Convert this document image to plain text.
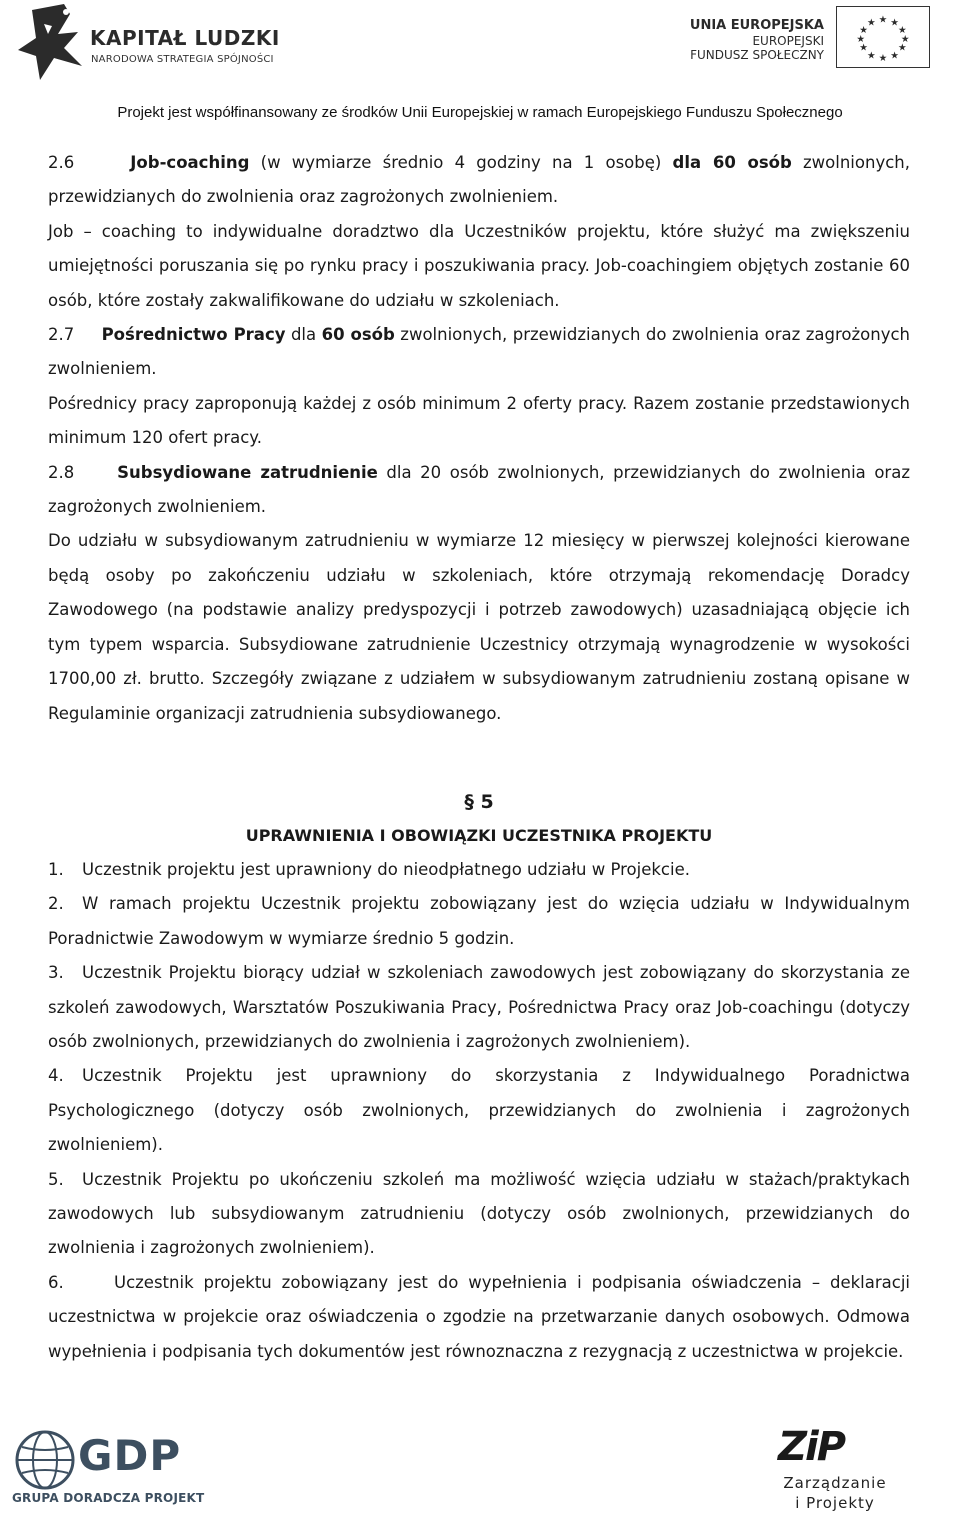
KAPITAŁ LUDZKI
NARODOWA STRATEGIA SPÓJNOŚCI
UNIA EUROPEJSKA
EUROPEJSKI
FUNDUSZ SPOŁECZNY
★ ★
★
★
★
★
★
★
★
★
★
★
Projekt jest współfinansowany ze środków Unii Europejskiej w ramach Europejskiego Funduszu Społecznego
2.6	Job-coaching (w wymiarze średnio 4 godziny na 1 osobę) dla 60 osób zwolnionych, przewidzianych do zwolnienia oraz zagrożonych zwolnieniem.
Job – coaching to indywidualne doradztwo dla Uczestników projektu, które służyć ma zwiększeniu umiejętności poruszania się po rynku pracy i poszukiwania pracy. Job-coachingiem objętych zostanie 60 osób, które zostały zakwalifikowane do udziału w szkoleniach.
2.7 Pośrednictwo Pracy dla 60 osób zwolnionych, przewidzianych do zwolnienia oraz zagrożonych zwolnieniem.
Pośrednicy pracy zaproponują każdej z osób minimum 2 oferty pracy. Razem zostanie przedstawionych minimum 120 ofert pracy.
2.8	Subsydiowane zatrudnienie dla 20 osób zwolnionych, przewidzianych do zwolnienia oraz zagrożonych zwolnieniem.
Do udziału w subsydiowanym zatrudnieniu w wymiarze 12 miesięcy w pierwszej kolejności kierowane będą osoby po zakończeniu udziału w szkoleniach, które otrzymają rekomendację Doradcy Zawodowego (na podstawie analizy predyspozycji i potrzeb zawodowych) uzasadniającą objęcie ich tym typem wsparcia. Subsydiowane zatrudnienie Uczestnicy otrzymają wynagrodzenie w wysokości 1700,00 zł. brutto. Szczegóły związane z udziałem w subsydiowanym zatrudnieniu zostaną opisane w Regulaminie organizacji zatrudnienia subsydiowanego.
§ 5
UPRAWNIENIA I OBOWIĄZKI UCZESTNIKA PROJEKTU
1. Uczestnik projektu jest uprawniony do nieodpłatnego udziału w Projekcie.
2. W ramach projektu Uczestnik projektu zobowiązany jest do wzięcia udziału w Indywidualnym Poradnictwie Zawodowym w wymiarze średnio 5 godzin.
3. Uczestnik Projektu biorący udział w szkoleniach zawodowych jest zobowiązany do skorzystania ze szkoleń zawodowych, Warsztatów Poszukiwania Pracy, Pośrednictwa Pracy oraz Job-coachingu (dotyczy osób zwolnionych, przewidzianych do zwolnienia i zagrożonych zwolnieniem).
4. Uczestnik Projektu jest uprawniony do skorzystania z Indywidualnego Poradnictwa Psychologicznego (dotyczy osób zwolnionych, przewidzianych do zwolnienia i zagrożonych zwolnieniem).
5. Uczestnik Projektu po ukończeniu szkoleń ma możliwość wzięcia udziału w stażach/praktykach zawodowych lub subsydiowanym zatrudnieniu (dotyczy osób zwolnionych, przewidzianych do zwolnienia i zagrożonych zwolnieniem).
6.	Uczestnik projektu zobowiązany jest do wypełnienia i podpisania oświadczenia – deklaracji uczestnictwa w projekcie oraz oświadczenia o zgodzie na przetwarzanie danych osobowych. Odmowa wypełnienia i podpisania tych dokumentów jest równoznaczna z rezygnacją z uczestnictwa w projekcie.
GDP
GRUPA DORADCZA PROJEKT
ZiP
Zarządzanie
i Projekty
